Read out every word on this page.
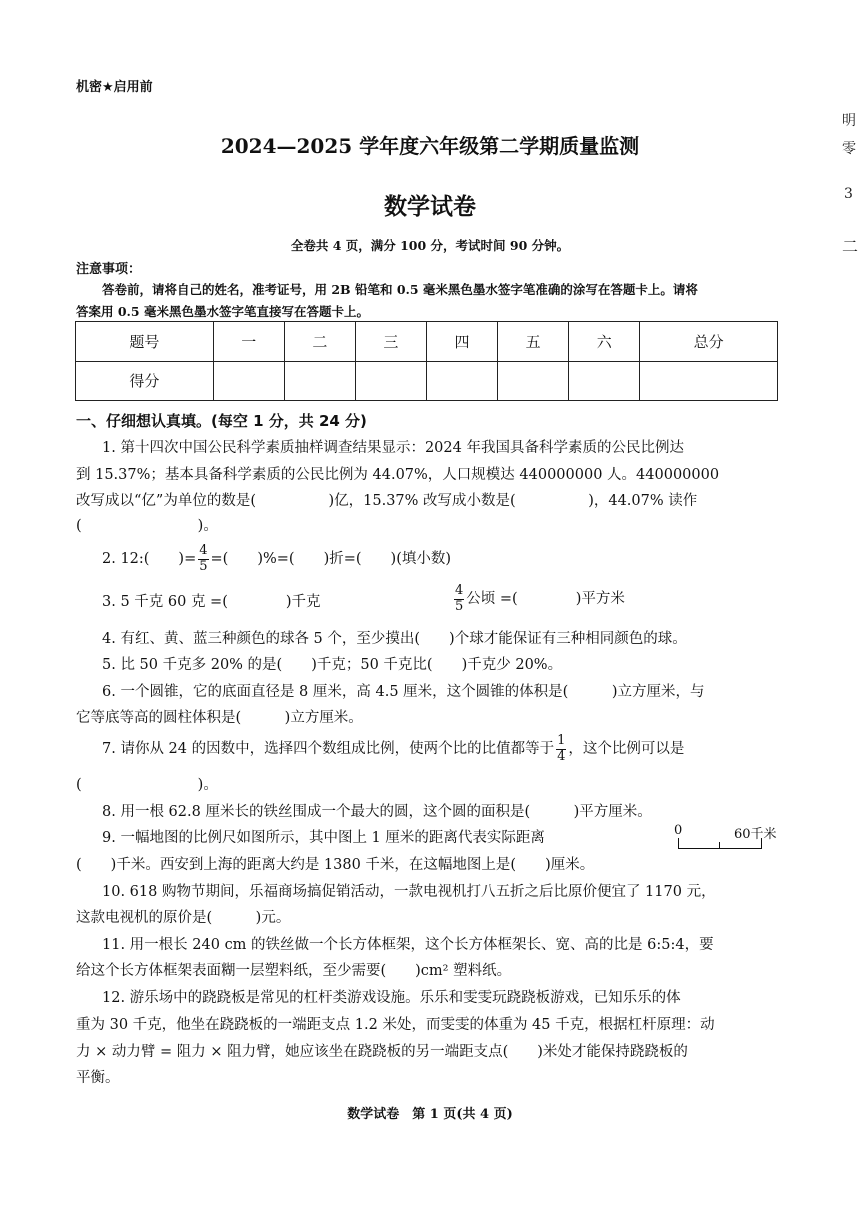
机密★启用前
2024—2025 学年度六年级第二学期质量监测
数学试卷
全卷共 4 页，满分 100 分，考试时间 90 分钟。
明
零
3
二
注意事项：
答卷前，请将自己的姓名，准考证号，用 2B 铅笔和 0.5 毫米黑色墨水签字笔准确的涂写在答题卡上。请将
答案用 0.5 毫米黑色墨水签字笔直接写在答题卡上。
题号	一	二	三	四	五	六	总分
得分							
一、仔细想认真填。(每空 1 分，共 24 分)
1. 第十四次中国公民科学素质抽样调查结果显示：2024 年我国具备科学素质的公民比例达
到 15.37%；基本具备科学素质的公民比例为 44.07%，人口规模达 440000000 人。440000000
改写成以“亿”为单位的数是(　　　　　)亿，15.37% 改写成小数是(　　　　　)，44.07% 读作
(　　　　　　　　)。
2. 12:(　　)= $\frac{4}{5}$ =(　　)%=(　　)折=(　　)(填小数)
3. 5 千克 60 克 =(　　　　)千克	$\frac{4}{5}$ 公顷 =(　　　　)平方米
4. 有红、黄、蓝三种颜色的球各 5 个，至少摸出(　　)个球才能保证有三种相同颜色的球。
5. 比 50 千克多 20% 的是(　　)千克；50 千克比(　　)千克少 20%。
6. 一个圆锥，它的底面直径是 8 厘米，高 4.5 厘米，这个圆锥的体积是(　　　)立方厘米，与
它等底等高的圆柱体积是(　　　)立方厘米。
7. 请你从 24 的因数中，选择四个数组成比例，使两个比的比值都等于 $\frac{1}{4}$ ，这个比例可以是
(　　　　　　　　)。
8. 用一根 62.8 厘米长的铁丝围成一个最大的圆，这个圆的面积是(　　　)平方厘米。
9. 一幅地图的比例尺如图所示，其中图上 1 厘米的距离代表实际距离	0	60千米
(　　)千米。西安到上海的距离大约是 1380 千米，在这幅地图上是(　　)厘米。
10. 618 购物节期间，乐福商场搞促销活动，一款电视机打八五折之后比原价便宜了 1170 元，
这款电视机的原价是(　　　)元。
11. 用一根长 240 cm 的铁丝做一个长方体框架，这个长方体框架长、宽、高的比是 6:5:4，要
给这个长方体框架表面糊一层塑料纸，至少需要(　　)cm² 塑料纸。
12. 游乐场中的跷跷板是常见的杠杆类游戏设施。乐乐和雯雯玩跷跷板游戏，已知乐乐的体
重为 30 千克，他坐在跷跷板的一端距支点 1.2 米处，而雯雯的体重为 45 千克，根据杠杆原理：动
力 × 动力臂 = 阻力 × 阻力臂，她应该坐在跷跷板的另一端距支点(　　)米处才能保持跷跷板的
平衡。
数学试卷　第 1 页(共 4 页)
